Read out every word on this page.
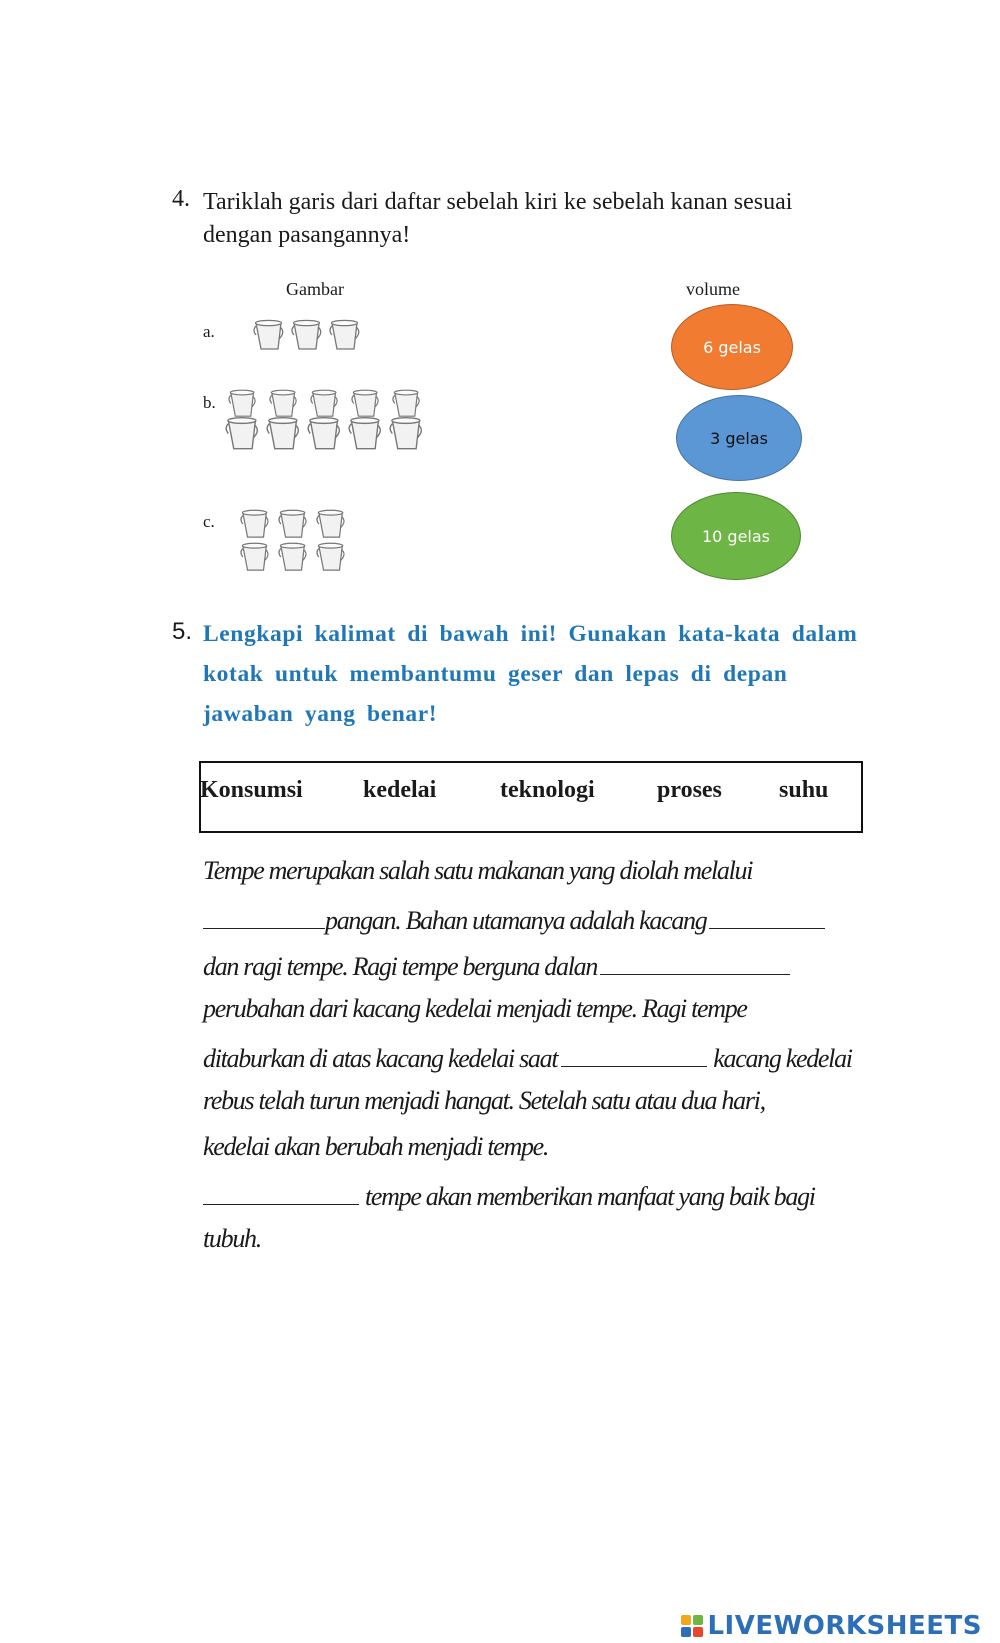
4. Tariklah garis dari daftar sebelah kiri ke sebelah kanan sesuai dengan pasangannya!
Gambar	volume
a.
b.
c.
6 gelas
3 gelas
10 gelas
5. Lengkapi kalimat di bawah ini! Gunakan kata-kata dalam kotak untuk membantumu geser dan lepas di depan jawaban yang benar!
Konsumsi	kedelai	teknologi	proses suhu
Tempe merupakan salah satu makanan yang diolah melalui
pangan. Bahan utamanya adalah kacang
dan ragi tempe. Ragi tempe berguna dalan
perubahan dari kacang kedelai menjadi tempe. Ragi tempe
ditaburkan di atas kacang kedelai saat	kacang kedelai
rebus telah turun menjadi hangat. Setelah satu atau dua hari,
kedelai akan berubah menjadi tempe.
tempe akan memberikan manfaat yang baik bagi
tubuh.
LIVEWORKSHEETS
